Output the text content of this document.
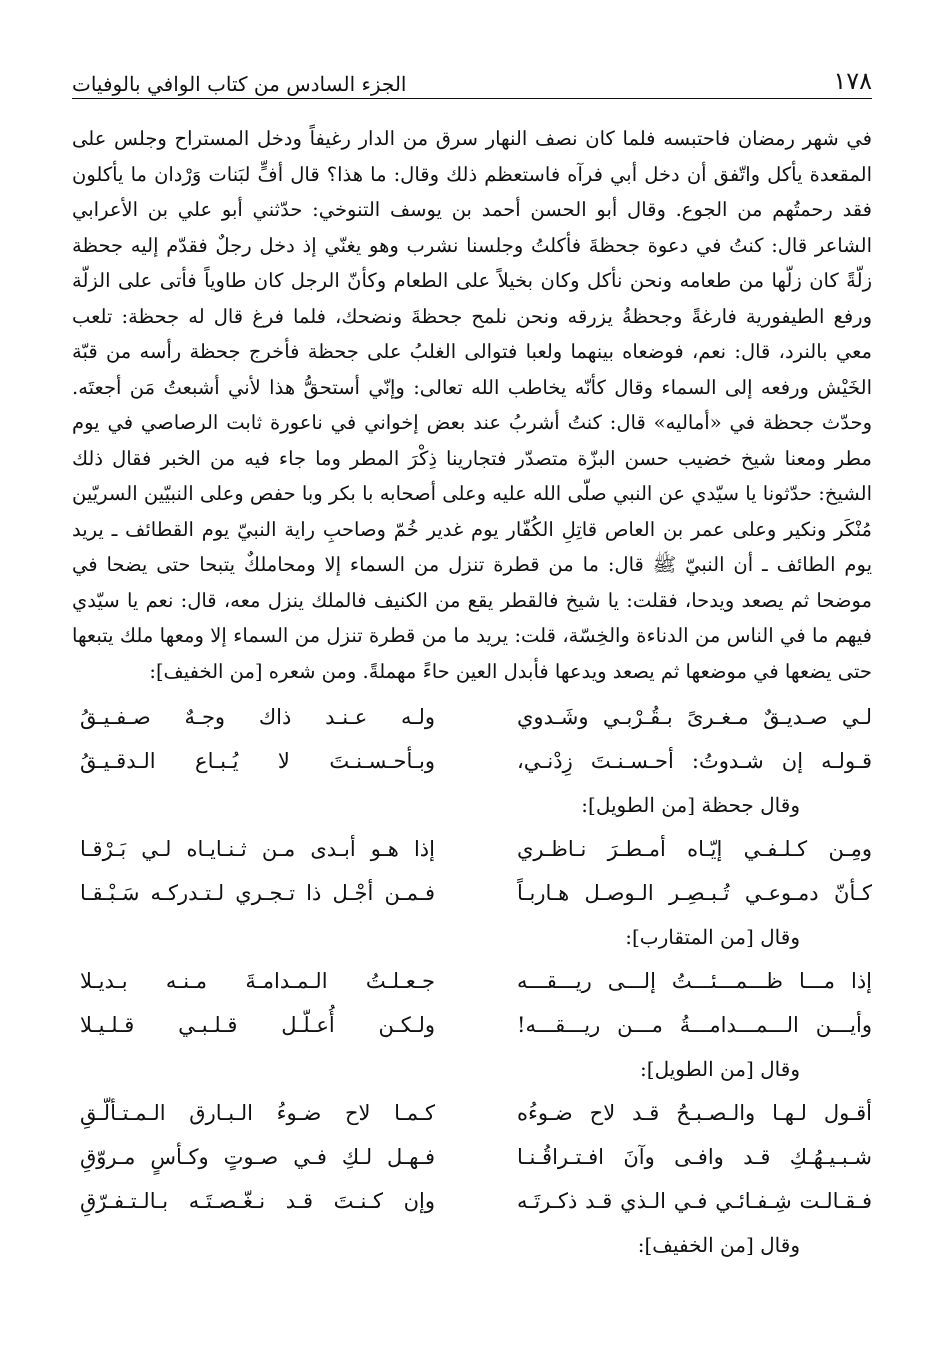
١٧٨
الجزء السادس من كتاب الوافي بالوفيات

في شهر رمضان فاحتبسه فلما كان نصف النهار سرق من الدار رغيفاً ودخل المستراح وجلس على المقعدة يأكل واتّفق أن دخل أبي فرآه فاستعظم ذلك وقال: ما هذا؟ قال أفٍّ لبَنات وَرْدان ما يأكلون فقد رحمتُهم من الجوع. وقال أبو الحسن أحمد بن يوسف التنوخي: حدّثني أبو علي بن الأعرابي الشاعر قال: كنتُ في دعوة جحظةَ فأكلتُ وجلسنا نشرب وهو يغنّي إذ دخل رجلٌ فقدّم إليه جحظة زلّةً كان زلّها من طعامه ونحن نأكل وكان بخيلاً على الطعام وكأنّ الرجل كان طاوياً فأتى على الزلّة ورفع الطيفورية فارغةً وجحظةُ يزرقه ونحن نلمح جحظةَ ونضحك، فلما فرغ قال له جحظة: تلعب معي بالنرد، قال: نعم، فوضعاه بينهما ولعبا فتوالى الغلبُ على جحظة فأخرج جحظة رأسه من قبّة الخَيْش ورفعه إلى السماء وقال كأنّه يخاطب الله تعالى: وإنّي أستحقُّ هذا لأني أشبعتُ مَن أجعتَه. وحدّث جحظة في «أماليه» قال: كنتُ أشربُ عند بعض إخواني في ناعورة ثابت الرصاصي في يوم مطر ومعنا شيخ خضيب حسن البزّة متصدّر فتجارينا ذِكْرَ المطر وما جاء فيه من الخبر فقال ذلك الشيخ: حدّثونا يا سيّدي عن النبي صلّى الله عليه وعلى أصحابه با بكر وبا حفص وعلى النبيّين السريّين مُنْكَر ونكير وعلى عمر بن العاص قاتِلِ الكُفّار يوم غدير خُمّ وصاحبِ راية النبيّ يوم القطائف ـ يريد يوم الطائف ـ أن النبيّ ﷺ قال: ما من قطرة تنزل من السماء إلا ومحاملكٌ يتبحا حتى يضحا في موضحا ثم يصعد ويدحا، فقلت: يا شيخ فالقطر يقع من الكنيف فالملك ينزل معه، قال: نعم يا سيّدي فيهم ما في الناس من الدناءة والخِسّة، قلت: يريد ما من قطرة تنزل من السماء إلا ومعها ملك يتبعها حتى يضعها في موضعها ثم يصعد ويدعها فأبدل العين حاءً مهملةً. ومن شعره [من الخفيف]:

لـي صـديـقٌ مـغـرىً بـقُـرْبـي وشَـدوي
ولـه عـنـد ذاك وجـهٌ صـفـيـقُ
قـولـه إن شـدوتُ: أحـسـنـتَ زِدْنـي،
وبـأحـسـنـتَ لا يُـبـاع الـدقـيـقُ
وقال جحظة [من الطويل]:
ومِـن كـلـفـي إيّـاه أمـطـرَ نـاظـري
إذا هـو أبـدى مـن ثـنـايـاه لـي بَـرْقـا
كـأنّ دمـوعـي تُـبـصِـر الـوصـل هـاربـاً
فـمـن أجْـل ذا تـجـري لـتـدركـه سَـبْـقـا
وقال [من المتقارب]:
إذا مـــا ظـــمـــئـــتُ إلـــى ريـــقـــه
جـعـلـتُ الـمـدامـةَ مـنـه بـديـلا
وأيـــن الـــمـــدامـــةُ مـــن ريـــقـــه!
ولـكـن أُعـلّـل قـلـبـي قـلـيـلا
وقال [من الطويل]:
أقـول لـهـا والـصـبـحُ قـد لاح ضـوءُه
كـمـا لاح ضـوءُ الـبـارق الـمـتـألّـقِ
شـبـيـهُـكِ قـد وافـى وآنَ افـتـراقُـنـا
فـهـل لـكِ فـي صـوتٍ وكـأسٍ مـروّقِ
فـقـالـت شِـفـائـي فـي الـذي قـد ذكـرتَـه
وإن كـنـتَ قـد نـغّـصـتَـه بـالـتـفـرّقِ
وقال [من الخفيف]:
